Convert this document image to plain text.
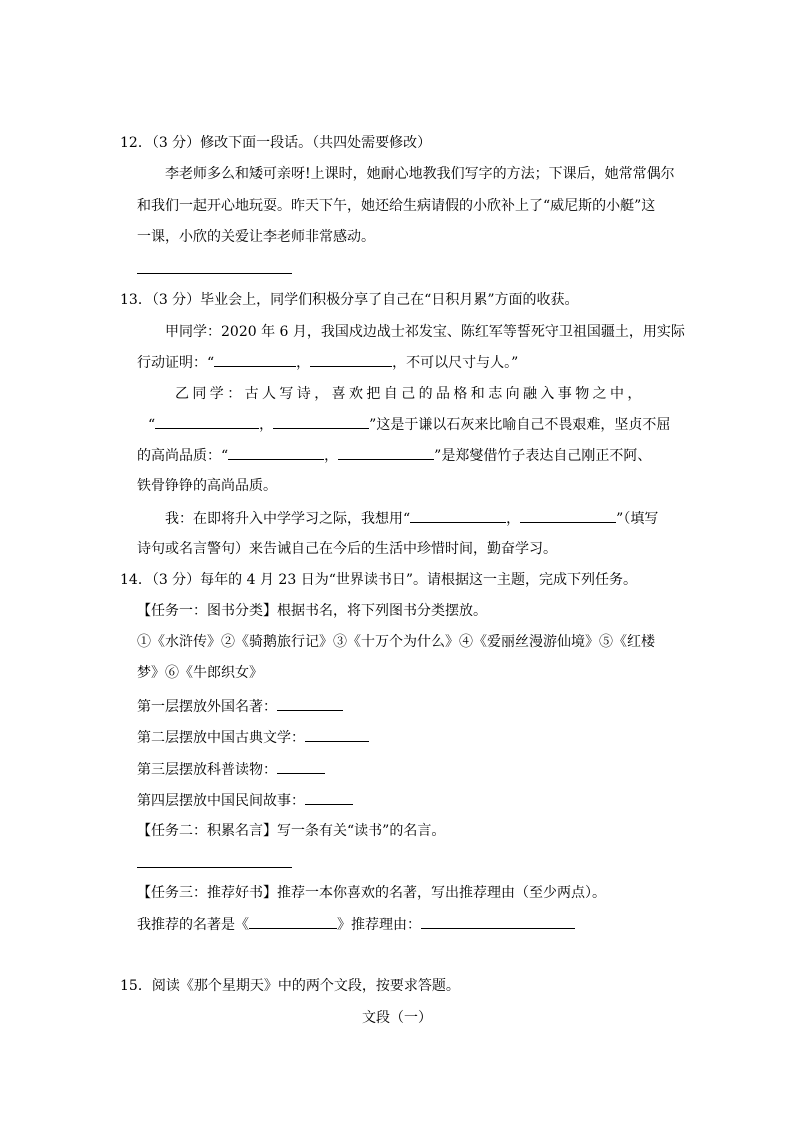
12．（3 分）修改下面一段话。（共四处需要修改）
李老师多么和矮可亲呀!上课时，她耐心地教我们写字的方法；下课后，她常常偶尔
和我们一起开心地玩耍。昨天下午，她还给生病请假的小欣补上了“威尼斯的小艇”这
一课，小欣的关爱让李老师非常感动。
13．（3 分）毕业会上，同学们积极分享了自己在“日积月累”方面的收获。
甲同学：2020 年 6 月，我国戍边战士祁发宝、陈红军等誓死守卫祖国疆土，用实际
行动证明：“	，	，不可以尺寸与人。”
乙同学：古人写诗，喜欢把自己的品格和志向融入事物之中，
“	，	”这是于谦以石灰来比喻自己不畏艰难，坚贞不屈
的高尚品质：“	，	”是郑燮借竹子表达自己刚正不阿、
铁骨铮铮的高尚品质。
我：在即将升入中学学习之际，我想用“	，	”（填写
诗句或名言警句）来告诫自己在今后的生活中珍惜时间，勤奋学习。
14．（3 分）每年的 4 月 23 日为“世界读书日”。请根据这一主题，完成下列任务。
【任务一：图书分类】根据书名，将下列图书分类摆放。
①《水浒传》②《骑鹅旅行记》③《十万个为什么》④《爱丽丝漫游仙境》⑤《红楼
梦》⑥《牛郎织女》
第一层摆放外国名著：
第二层摆放中国古典文学：
第三层摆放科普读物：
第四层摆放中国民间故事：
【任务二：积累名言】写一条有关“读书”的名言。
【任务三：推荐好书】推荐一本你喜欢的名著，写出推荐理由（至少两点）。
我推荐的名著是《	》推荐理由：
15．阅读《那个星期天》中的两个文段，按要求答题。
文段（一）
